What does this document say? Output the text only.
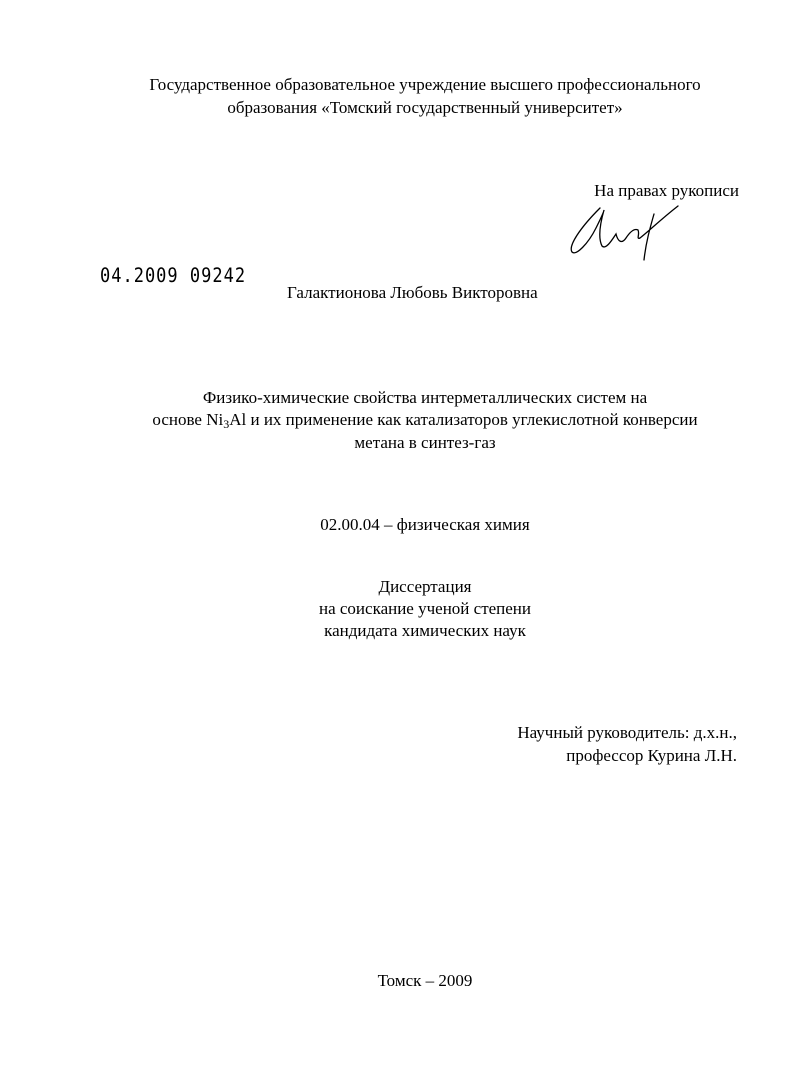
Государственное образовательное учреждение высшего профессионального
образования «Томский государственный университет»
На правах рукописи
04.2009 09242
Галактионова Любовь Викторовна
Физико-химические свойства интерметаллических систем на
основе $Ni_3Al$ и их применение как катализаторов углекислотной конверсии
метана в синтез-газ
02.00.04 – физическая химия
Диссертация
на соискание ученой степени
кандидата химических наук
Научный руководитель: д.х.н.,
профессор Курина Л.Н.
Томск – 2009
